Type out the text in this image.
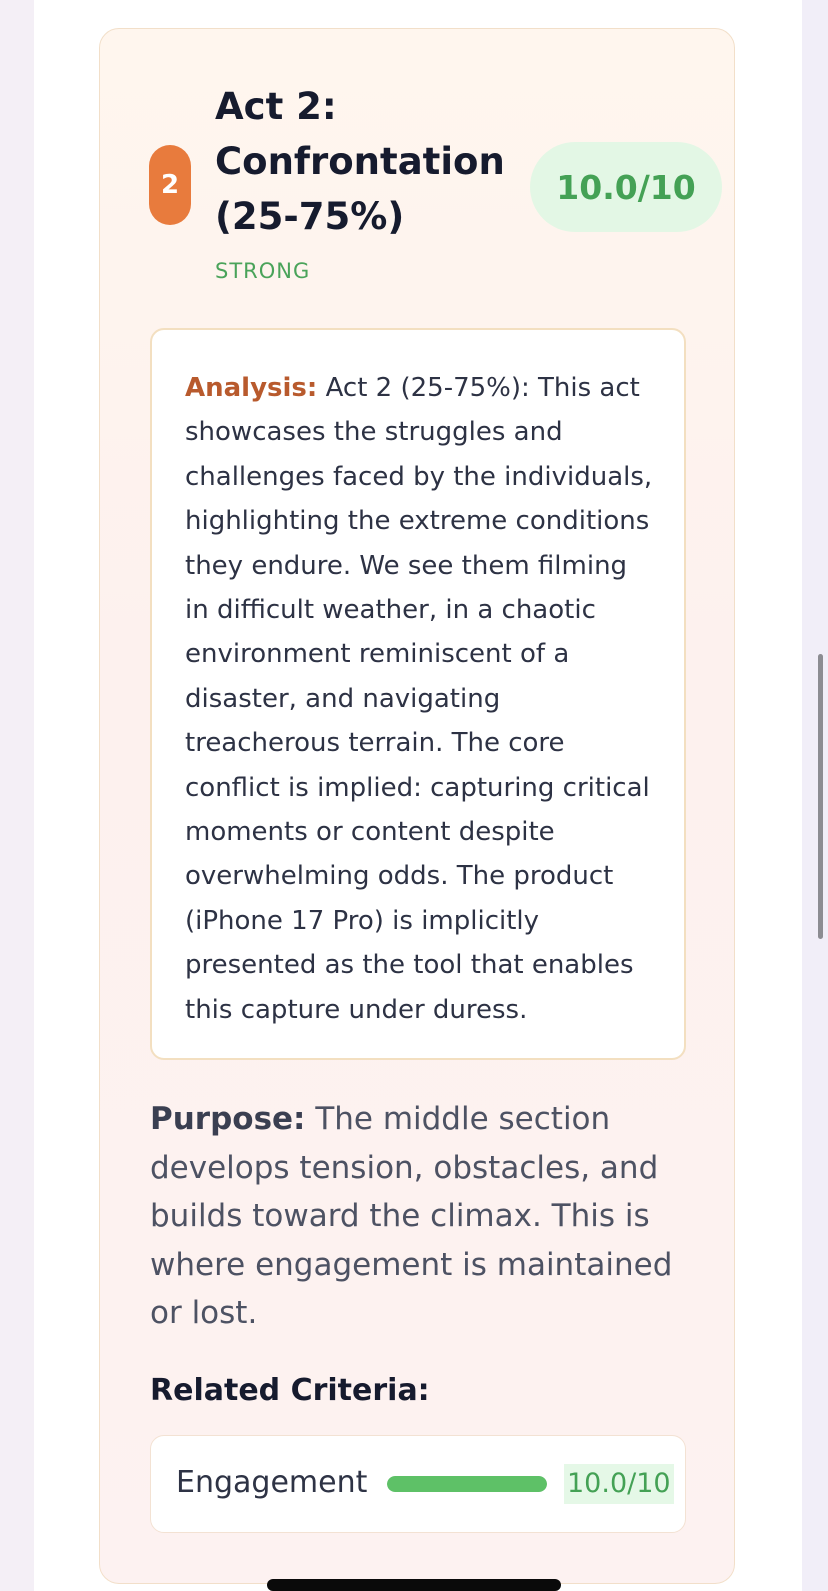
2
Act 2: Confrontation (25-75%)
STRONG
10.0/10
Analysis: Act 2 (25-75%): This act showcases the struggles and challenges faced by the individuals, highlighting the extreme conditions they endure. We see them filming in difficult weather, in a chaotic environment reminiscent of a disaster, and navigating treacherous terrain. The core conflict is implied: capturing critical moments or content despite overwhelming odds. The product (iPhone 17 Pro) is implicitly presented as the tool that enables this capture under duress.
Purpose: The middle section develops tension, obstacles, and builds toward the climax. This is where engagement is maintained or lost.
Related Criteria:
Engagement	10.0/10
